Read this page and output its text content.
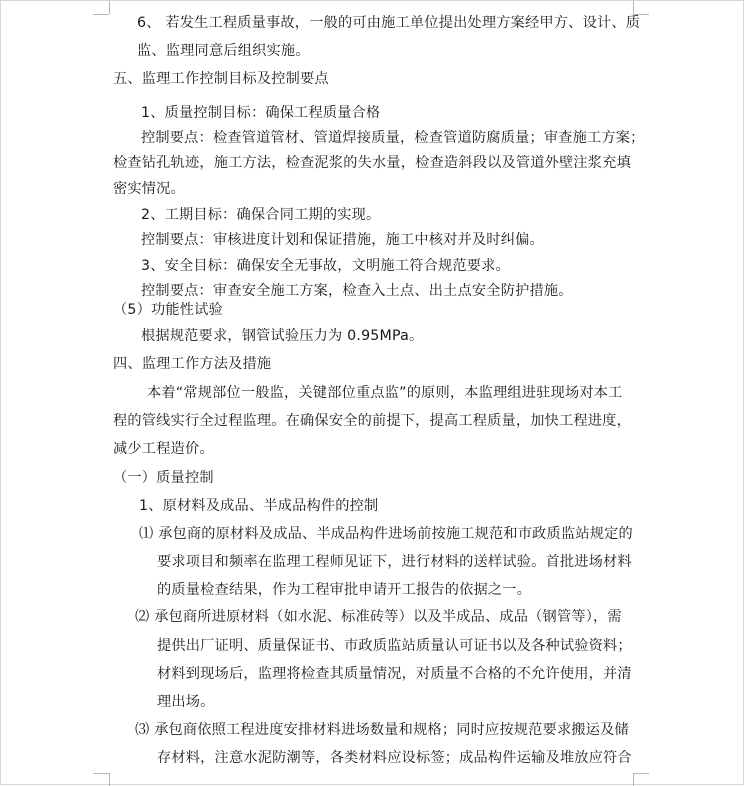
6、 若发生工程质量事故，一般的可由施工单位提出处理方案经甲方、设计、质
监、监理同意后组织实施。
五、监理工作控制目标及控制要点
1、质量控制目标：确保工程质量合格
控制要点：检查管道管材、管道焊接质量，检查管道防腐质量；审查施工方案；
检查钻孔轨迹，施工方法，检查泥浆的失水量，检查造斜段以及管道外壁注浆充填
密实情况。
2、工期目标：确保合同工期的实现。
控制要点：审核进度计划和保证措施，施工中核对并及时纠偏。
3、安全目标：确保安全无事故，文明施工符合规范要求。
控制要点：审查安全施工方案，检查入土点、出土点安全防护措施。
（5）功能性试验
根据规范要求，钢管试验压力为 0.95MPa。
四、监理工作方法及措施
本着“常规部位一般监，关键部位重点监”的原则，本监理组进驻现场对本工
程的管线实行全过程监理。在确保安全的前提下，提高工程质量，加快工程进度，
减少工程造价。
（一）质量控制
1、原材料及成品、半成品构件的控制
⑴ 承包商的原材料及成品、半成品构件进场前按施工规范和市政质监站规定的
要求项目和频率在监理工程师见证下，进行材料的送样试验。首批进场材料
的质量检查结果，作为工程审批申请开工报告的依据之一。
⑵ 承包商所进原材料（如水泥、标准砖等）以及半成品、成品（钢管等），需
提供出厂证明、质量保证书、市政质监站质量认可证书以及各种试验资料；
材料到现场后，监理将检查其质量情况，对质量不合格的不允许使用，并清
理出场。
⑶ 承包商依照工程进度安排材料进场数量和规格；同时应按规范要求搬运及储
存材料，注意水泥防潮等，各类材料应设标签；成品构件运输及堆放应符合
